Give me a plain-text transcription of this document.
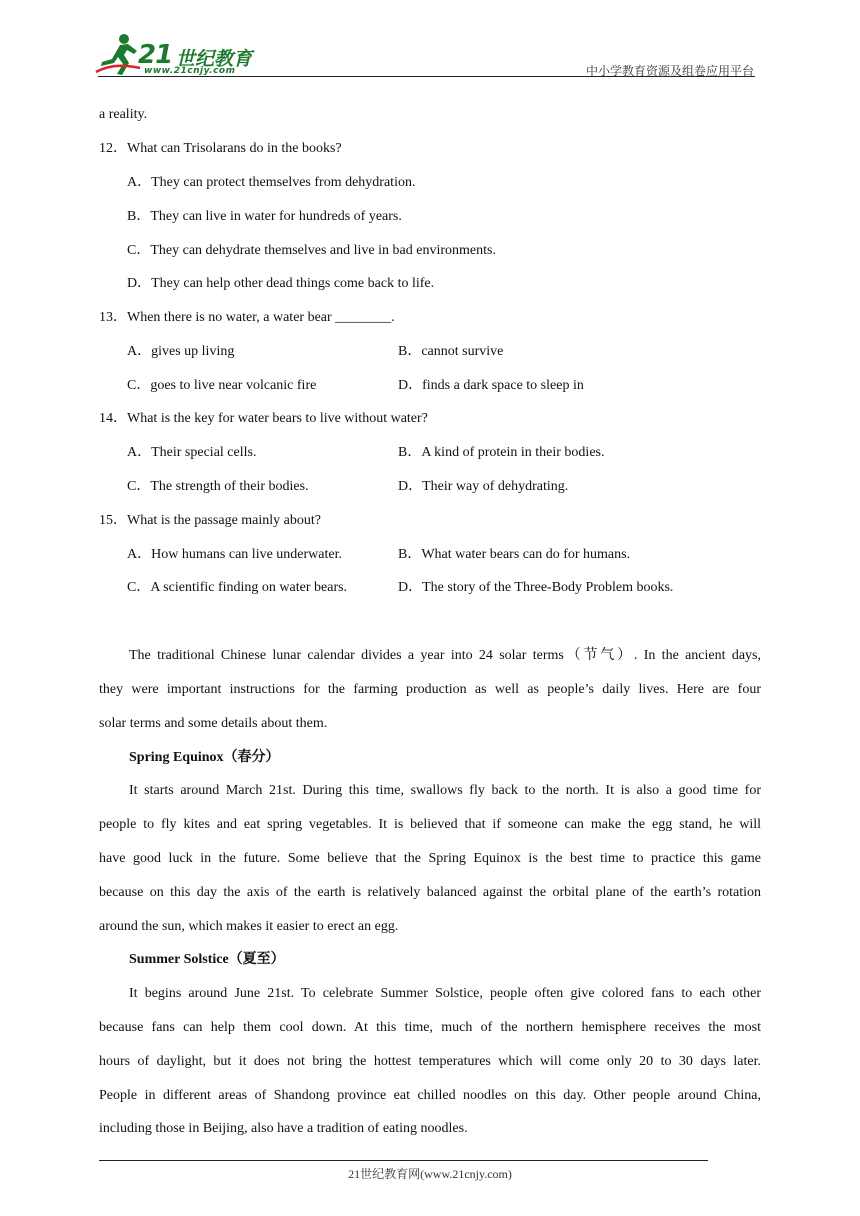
21 世纪教育
www.21cnjy.com	中小学教育资源及组卷应用平台
a reality.
12．What can Trisolarans do in the books?
A．They can protect themselves from dehydration.
B．They can live in water for hundreds of years.
C．They can dehydrate themselves and live in bad environments.
D．They can help other dead things come back to life.
13．When there is no water, a water bear ________.
A．gives up living	B．cannot survive
C．goes to live near volcanic fire	D．finds a dark space to sleep in
14．What is the key for water bears to live without water?
A．Their special cells.	B．A kind of protein in their bodies.
C．The strength of their bodies.	D．Their way of dehydrating.
15．What is the passage mainly about?
A．How humans can live underwater.	B．What water bears can do for humans.
C．A scientific finding on water bears.	D．The story of the Three-Body Problem books.
The traditional Chinese lunar calendar divides a year into 24 solar terms（节气）. In the ancient days,
they were important instructions for the farming production as well as people’s daily lives. Here are four
solar terms and some details about them.
Spring Equinox（春分）
It starts around March 21st. During this time, swallows fly back to the north. It is also a good time for
people to fly kites and eat spring vegetables. It is believed that if someone can make the egg stand, he will
have good luck in the future. Some believe that the Spring Equinox is the best time to practice this game
because on this day the axis of the earth is relatively balanced against the orbital plane of the earth’s rotation
around the sun, which makes it easier to erect an egg.
Summer Solstice（夏至）
It begins around June 21st. To celebrate Summer Solstice, people often give colored fans to each other
because fans can help them cool down. At this time, much of the northern hemisphere receives the most
hours of daylight, but it does not bring the hottest temperatures which will come only 20 to 30 days later.
People in different areas of Shandong province eat chilled noodles on this day. Other people around China,
including those in Beijing, also have a tradition of eating noodles.
21世纪教育网(www.21cnjy.com)
